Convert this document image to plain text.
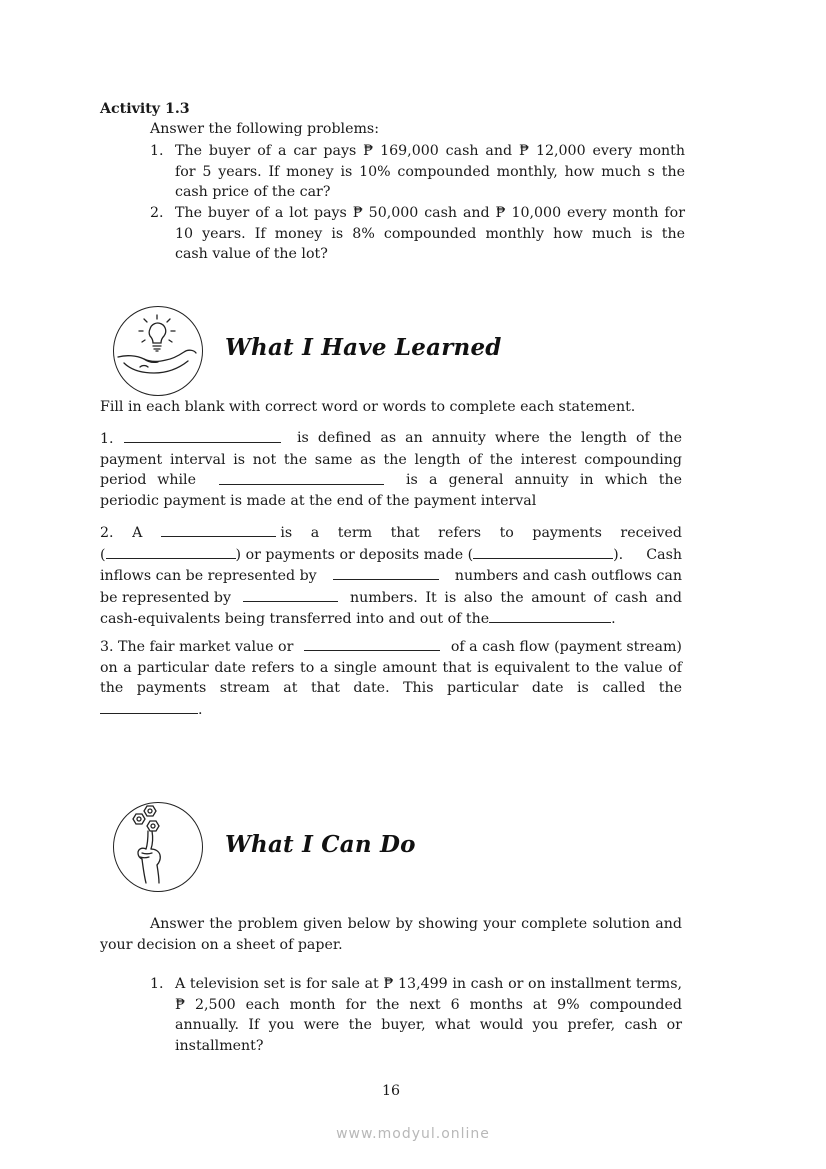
Activity 1.3
Answer the following problems:
1. The buyer of a car pays ₱ 169,000 cash and ₱ 12,000 every month
for 5 years. If money is 10% compounded monthly, how much s the
cash price of the car?
2. The buyer of a lot pays ₱ 50,000 cash and ₱ 10,000 every month for
10 years. If money is 8% compounded monthly how much is the
cash value of the lot?
What I Have Learned
Fill in each blank with correct word or words to complete each statement.
1.	is defined as an annuity where the length of the
payment interval is not the same as the length of the interest compounding
period while	is a general annuity in which the
periodic payment is made at the end of the payment interval
2. A	is a term that refers to payments received
(	) or payments or deposits made (	).  Cash
inflows can be represented by	numbers and cash outflows can
be represented by	numbers. It is also the amount of cash and
cash-equivalents being transferred into and out of the	.
3. The fair market value or	of a cash flow (payment stream)
on a particular date refers to a single amount that is equivalent to the value of
the payments stream at that date. This particular date is called the
.
What I Can Do
Answer the problem given below by showing your complete solution and
your decision on a sheet of paper.
1. A television set is for sale at ₱ 13,499 in cash or on installment terms,
₱ 2,500 each month for the next 6 months at 9% compounded
annually. If you were the buyer, what would you prefer, cash or
installment?
16
www.modyul.online
